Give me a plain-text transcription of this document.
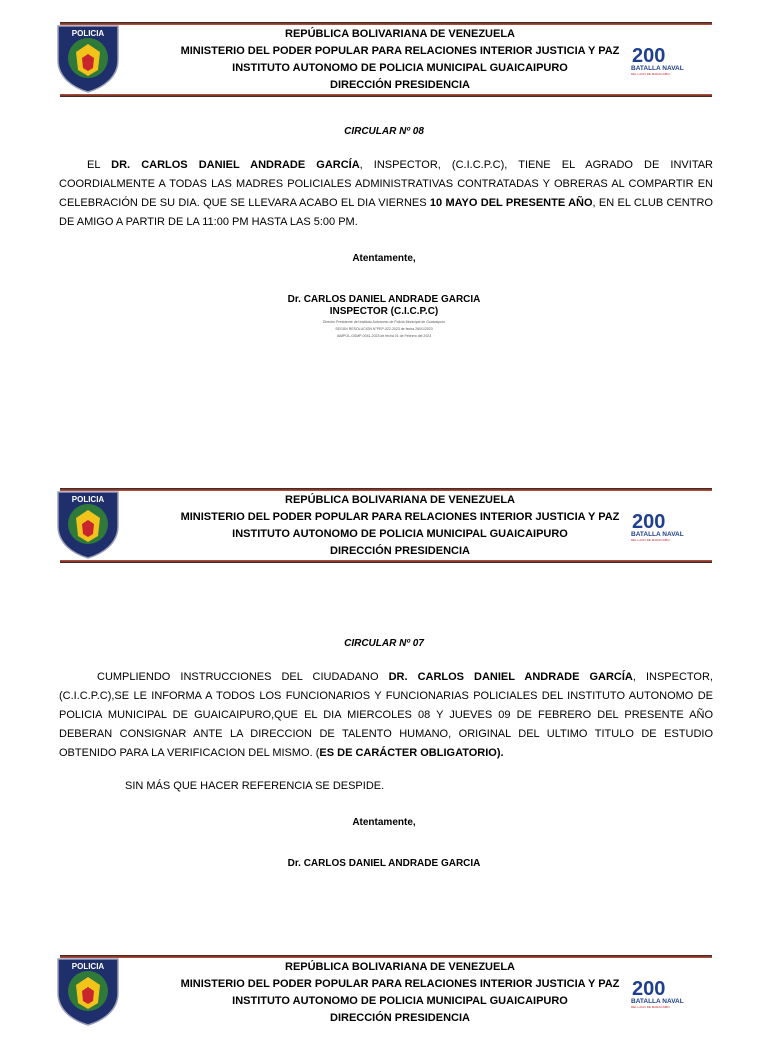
POLICIA	REPÚBLICA BOLIVARIANA DE VENEZUELA
MINISTERIO DEL PODER POPULAR PARA RELACIONES INTERIOR JUSTICIA Y PAZ
INSTITUTO AUTONOMO DE POLICIA MUNICIPAL GUAICAIPURO
DIRECCIÓN PRESIDENCIA
200
BATALLA NAVAL
DEL LAGO DE MARACAIBO
CIRCULAR Nº 08
EL DR. CARLOS DANIEL ANDRADE GARCÍA, INSPECTOR, (C.I.C.P.C), TIENE EL AGRADO DE INVITAR COORDIALMENTE A TODAS LAS MADRES POLICIALES ADMINISTRATIVAS CONTRATADAS Y OBRERAS AL COMPARTIR EN CELEBRACIÓN DE SU DIA. QUE SE LLEVARA ACABO EL DIA VIERNES 10 MAYO DEL PRESENTE AÑO, EN EL CLUB CENTRO DE AMIGO A PARTIR DE LA 11:00 PM HASTA LAS 5:00 PM.
Atentamente,
Dr. CARLOS DANIEL ANDRADE GARCIA
INSPECTOR (C.I.C.P.C)
Director Presidente del Instituto Autonomo de Policia Municipal de Guaicaipuro
SEGÚN RESOLUCION N°PEP-022-2023 de fecha 26/01/2023
IAMPOL-GSMP-0041-2023 de fecha 01 de Febrero del 2023
POLICIA	REPÚBLICA BOLIVARIANA DE VENEZUELA
MINISTERIO DEL PODER POPULAR PARA RELACIONES INTERIOR JUSTICIA Y PAZ
INSTITUTO AUTONOMO DE POLICIA MUNICIPAL GUAICAIPURO
DIRECCIÓN PRESIDENCIA
200
BATALLA NAVAL
DEL LAGO DE MARACAIBO
CIRCULAR Nº 07
CUMPLIENDO INSTRUCCIONES DEL CIUDADANO DR. CARLOS DANIEL ANDRADE GARCÍA, INSPECTOR, (C.I.C.P.C),SE LE INFORMA A TODOS LOS FUNCIONARIOS Y FUNCIONARIAS POLICIALES DEL INSTITUTO AUTONOMO DE POLICIA MUNICIPAL DE GUAICAIPURO,QUE EL DIA MIERCOLES 08 Y JUEVES 09 DE FEBRERO DEL PRESENTE AÑO DEBERAN CONSIGNAR ANTE LA DIRECCION DE TALENTO HUMANO, ORIGINAL DEL ULTIMO TITULO DE ESTUDIO OBTENIDO PARA LA VERIFICACION DEL MISMO. (ES DE CARÁCTER OBLIGATORIO).
SIN MÁS QUE HACER REFERENCIA SE DESPIDE.
Atentamente,
Dr. CARLOS DANIEL ANDRADE GARCIA
POLICIA	REPÚBLICA BOLIVARIANA DE VENEZUELA
MINISTERIO DEL PODER POPULAR PARA RELACIONES INTERIOR JUSTICIA Y PAZ
INSTITUTO AUTONOMO DE POLICIA MUNICIPAL GUAICAIPURO
DIRECCIÓN PRESIDENCIA
200
BATALLA NAVAL
DEL LAGO DE MARACAIBO
